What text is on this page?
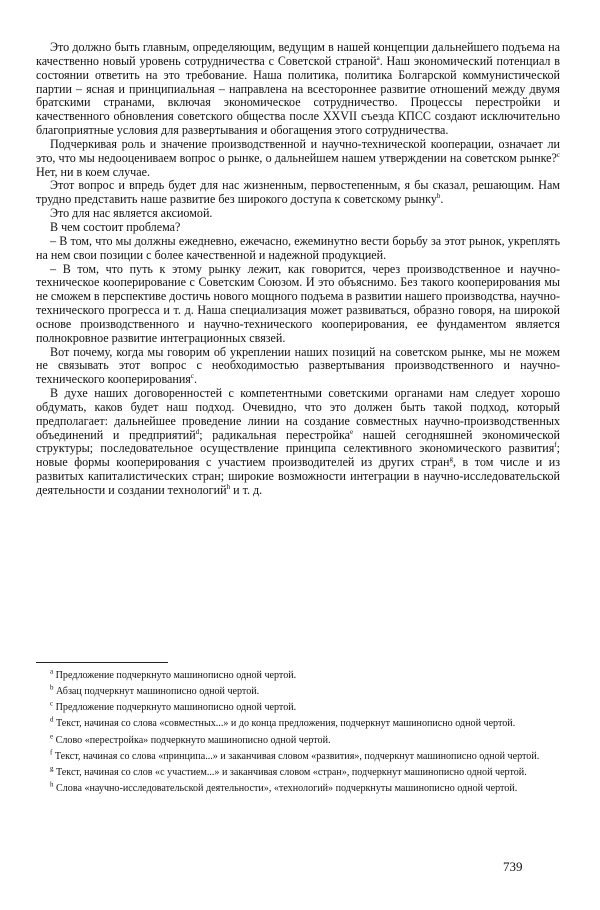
Это должно быть главным, определяющим, ведущим в нашей концепции дальнейшего подъема на качественно новый уровень сотрудничества с Советской страной$^a$. Наш экономический потенциал в состоянии ответить на это требование. Наша политика, политика Болгарской коммунистической партии – ясная и принципиальная – направлена на всестороннее развитие отношений между двумя братскими странами, включая экономическое сотрудничество. Процессы перестройки и качественного обновления советского общества после XXVII съезда КПСС создают исключительно благоприятные условия для развертывания и обогащения этого сотрудничества.

Подчеркивая роль и значение производственной и научно-технической кооперации, означает ли это, что мы недооцениваем вопрос о рынке, о дальнейшем нашем утверждении на советском рынке?$^c$ Нет, ни в коем случае.

Этот вопрос и впредь будет для нас жизненным, первостепенным, я бы сказал, решающим. Нам трудно представить наше развитие без широкого доступа к советскому рынку$^b$.

Это для нас является аксиомой.

В чем состоит проблема?

– В том, что мы должны ежедневно, ежечасно, ежеминутно вести борьбу за этот рынок, укреплять на нем свои позиции с более качественной и надежной продукцией.

– В том, что путь к этому рынку лежит, как говорится, через производственное и научно-техническое кооперирование с Советским Союзом. И это объяснимо. Без такого кооперирования мы не сможем в перспективе достичь нового мощного подъема в развитии нашего производства, научно-технического прогресса и т. д. Наша специализация может развиваться, образно говоря, на широкой основе производственного и научно-технического кооперирования, ее фундаментом является полнокровное развитие интеграционных связей.

Вот почему, когда мы говорим об укреплении наших позиций на советском рынке, мы не можем не связывать этот вопрос с необходимостью развертывания производственного и научно-технического кооперирования$^c$.

В духе наших договоренностей с компетентными советскими органами нам следует хорошо обдумать, каков будет наш подход. Очевидно, что это должен быть такой подход, который предполагает: дальнейшее проведение линии на создание совместных научно-производственных объединений и предприятий$^d$; радикальная перестройка$^e$ нашей сегодняшней экономической структуры; последовательное осуществление принципа селективного экономического развития$^f$; новые формы кооперирования с участием производителей из других стран$^g$, в том числе и из развитых капиталистических стран; широкие возможности интеграции в научно-исследовательской деятельности и создании технологий$^h$ и т. д.

$^a$ Предложение подчеркнуто машинописно одной чертой.

$^b$ Абзац подчеркнут машинописно одной чертой.

$^c$ Предложение подчеркнуто машинописно одной чертой.

$^d$ Текст, начиная со слова «совместных...» и до конца предложения, подчеркнут машинописно одной чертой.

$^e$ Слово «перестройка» подчеркнуто машинописно одной чертой.

$^f$ Текст, начиная со слова «принципа...» и заканчивая словом «развития», подчеркнут машинописно одной чертой.

$^g$ Текст, начиная со слов «с участием...» и заканчивая словом «стран», подчеркнут машинописно одной чертой.

$^h$ Слова «научно-исследовательской деятельности», «технологий» подчеркнуты машинописно одной чертой.

739
